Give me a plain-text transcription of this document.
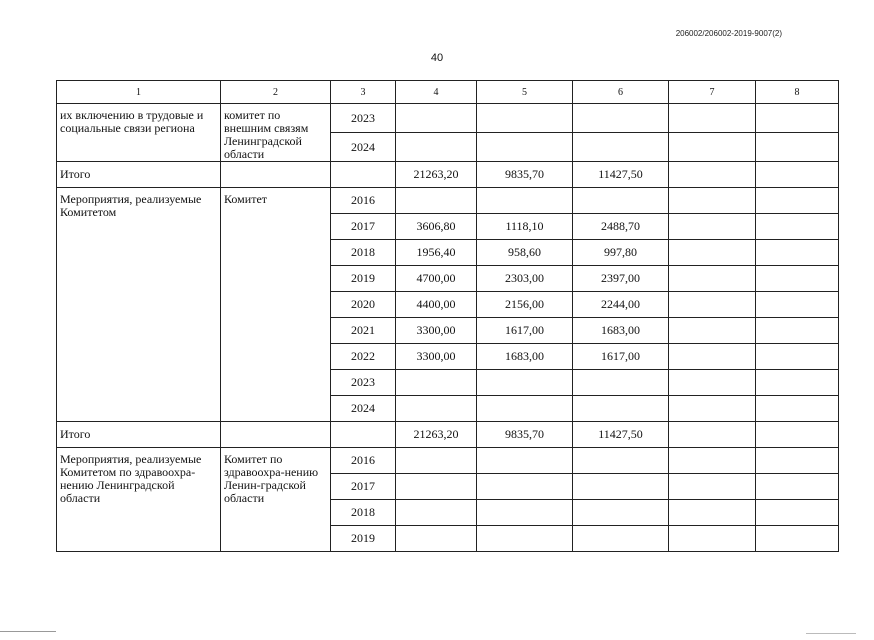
206002/206002-2019-9007(2)
40
1	2	3	4	5	6	7	8
их включению в трудовые и социальные связи региона	комитет по внешним связям Ленинградской области	2023					
		2024					
Итого			21263,20	9835,70	11427,50		
Мероприятия, реализуемые Комитетом	Комитет	2016					
		2017	3606,80	1118,10	2488,70		
		2018	1956,40	958,60	997,80		
		2019	4700,00	2303,00	2397,00		
		2020	4400,00	2156,00	2244,00		
		2021	3300,00	1617,00	1683,00		
		2022	3300,00	1683,00	1617,00		
		2023					
		2024					
Итого			21263,20	9835,70	11427,50		
Мероприятия, реализуемые Комитетом по здравоохра-нению Ленинградской области	Комитет по здравоохра-нению Ленин-градской области	2016					
		2017					
		2018					
		2019					
